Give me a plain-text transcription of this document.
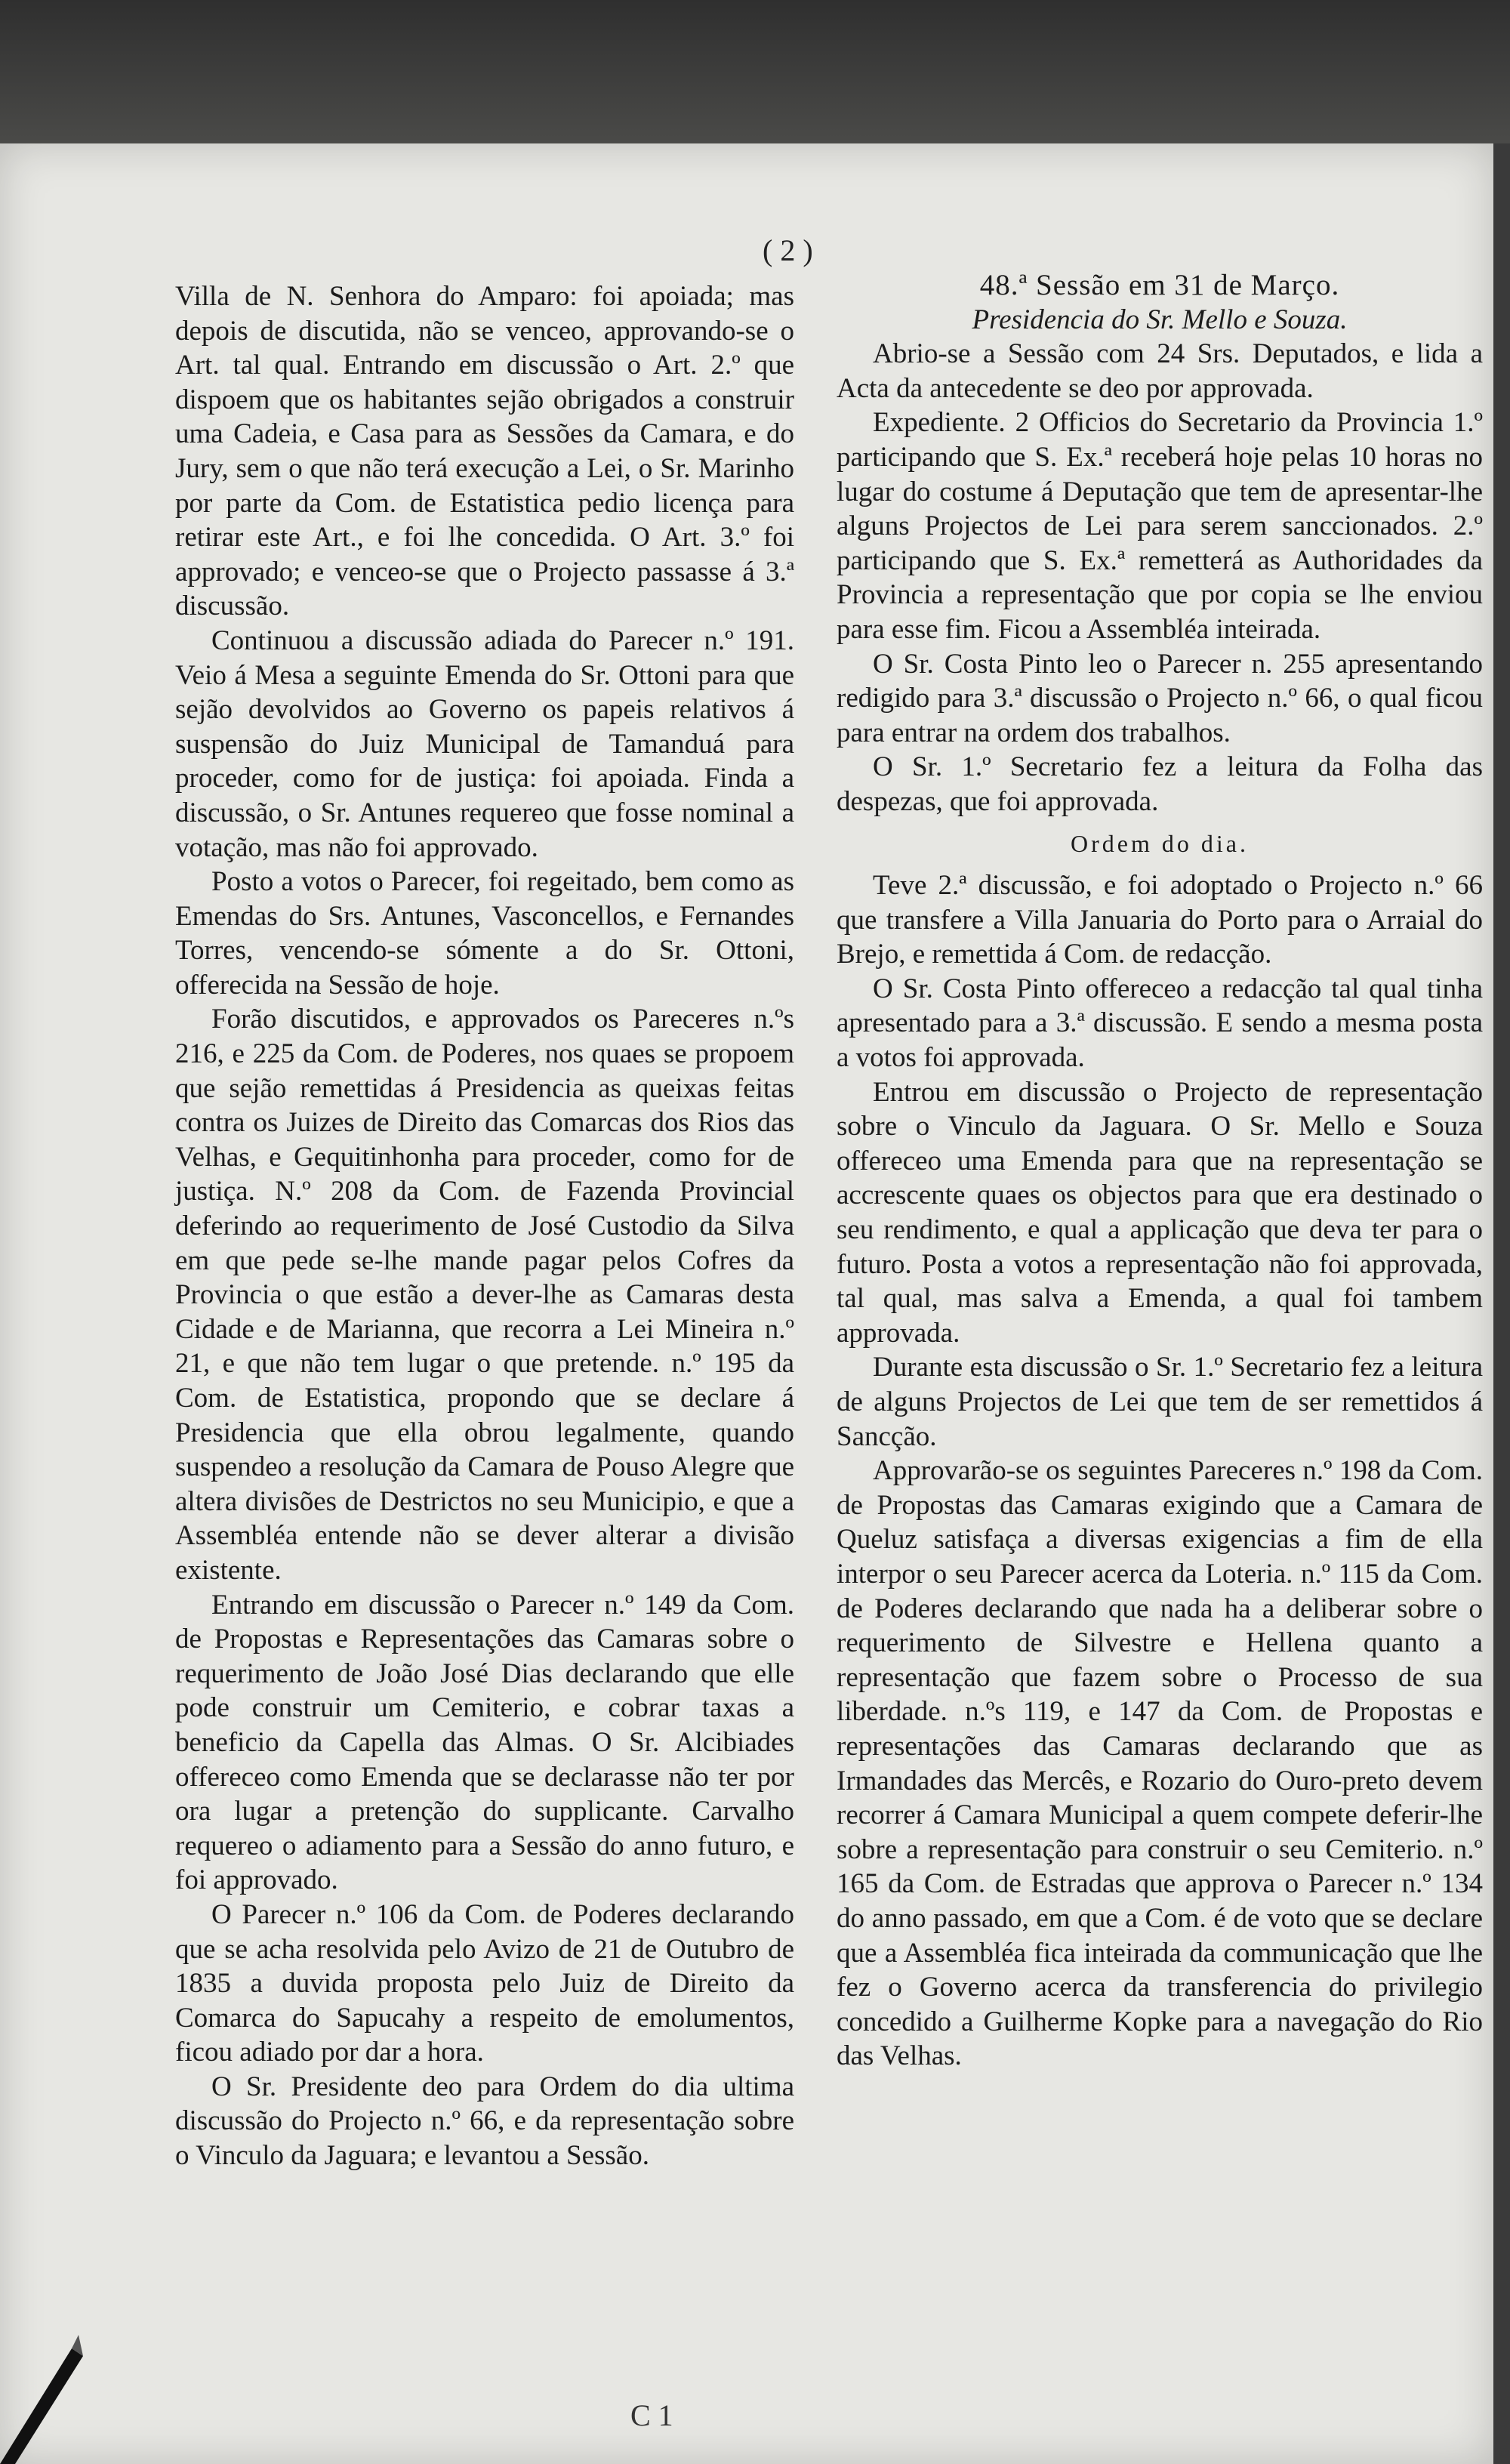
( 2 )

Villa de N. Senhora do Amparo: foi apoiada; mas depois de discutida, não se venceo, approvando-se o Art. tal qual. Entrando em discussão o Art. 2.º que dispoem que os habitantes sejão obrigados a construir uma Cadeia, e Casa para as Sessões da Camara, e do Jury, sem o que não terá execução a Lei, o Sr. Marinho por parte da Com. de Estatistica pedio licença para retirar este Art., e foi lhe concedida. O Art. 3.º foi approvado; e venceo-se que o Projecto passasse á 3.ª discussão.

Continuou a discussão adiada do Parecer n.º 191. Veio á Mesa a seguinte Emenda do Sr. Ottoni para que sejão devolvidos ao Governo os papeis relativos á suspensão do Juiz Municipal de Tamanduá para proceder, como for de justiça: foi apoiada. Finda a discussão, o Sr. Antunes requereo que fosse nominal a votação, mas não foi approvado.

Posto a votos o Parecer, foi regeitado, bem como as Emendas do Srs. Antunes, Vasconcellos, e Fernandes Torres, vencendo-se sómente a do Sr. Ottoni, offerecida na Sessão de hoje.

Forão discutidos, e approvados os Pareceres n.ºs 216, e 225 da Com. de Poderes, nos quaes se propoem que sejão remettidas á Presidencia as queixas feitas contra os Juizes de Direito das Comarcas dos Rios das Velhas, e Gequitinhonha para proceder, como for de justiça. N.º 208 da Com. de Fazenda Provincial deferindo ao requerimento de José Custodio da Silva em que pede se-lhe mande pagar pelos Cofres da Provincia o que estão a dever-lhe as Camaras desta Cidade e de Marianna, que recorra a Lei Mineira n.º 21, e que não tem lugar o que pretende. n.º 195 da Com. de Estatistica, propondo que se declare á Presidencia que ella obrou legalmente, quando suspendeo a resolução da Camara de Pouso Alegre que altera divisões de Destrictos no seu Municipio, e que a Assembléa entende não se dever alterar a divisão existente.

Entrando em discussão o Parecer n.º 149 da Com. de Propostas e Representações das Camaras sobre o requerimento de João José Dias declarando que elle pode construir um Cemiterio, e cobrar taxas a beneficio da Capella das Almas. O Sr. Alcibiades offereceo como Emenda que se declarasse não ter por ora lugar a pretenção do supplicante. Carvalho requereo o adiamento para a Sessão do anno futuro, e foi approvado.

O Parecer n.º 106 da Com. de Poderes declarando que se acha resolvida pelo Avizo de 21 de Outubro de 1835 a duvida proposta pelo Juiz de Direito da Comarca do Sapucahy a respeito de emolumentos, ficou adiado por dar a hora.

O Sr. Presidente deo para Ordem do dia ultima discussão do Projecto n.º 66, e da representação sobre o Vinculo da Jaguara; e levantou a Sessão.

48.ª Sessão em 31 de Março.

Presidencia do Sr. Mello e Souza.

Abrio-se a Sessão com 24 Srs. Deputados, e lida a Acta da antecedente se deo por approvada.

Expediente. 2 Officios do Secretario da Provincia 1.º participando que S. Ex.ª receberá hoje pelas 10 horas no lugar do costume á Deputação que tem de apresentar-lhe alguns Projectos de Lei para serem sanccionados. 2.º participando que S. Ex.ª remetterá as Authoridades da Provincia a representação que por copia se lhe enviou para esse fim. Ficou a Assembléa inteirada.

O Sr. Costa Pinto leo o Parecer n. 255 apresentando redigido para 3.ª discussão o Projecto n.º 66, o qual ficou para entrar na ordem dos trabalhos.

O Sr. 1.º Secretario fez a leitura da Folha das despezas, que foi approvada.

Ordem do dia.

Teve 2.ª discussão, e foi adoptado o Projecto n.º 66 que transfere a Villa Januaria do Porto para o Arraial do Brejo, e remettida á Com. de redacção.

O Sr. Costa Pinto offereceo a redacção tal qual tinha apresentado para a 3.ª discussão. E sendo a mesma posta a votos foi approvada.

Entrou em discussão o Projecto de representação sobre o Vinculo da Jaguara. O Sr. Mello e Souza offereceo uma Emenda para que na representação se accrescente quaes os objectos para que era destinado o seu rendimento, e qual a applicação que deva ter para o futuro. Posta a votos a representação não foi approvada, tal qual, mas salva a Emenda, a qual foi tambem approvada.

Durante esta discussão o Sr. 1.º Secretario fez a leitura de alguns Projectos de Lei que tem de ser remettidos á Sancção.

Approvarão-se os seguintes Pareceres n.º 198 da Com. de Propostas das Camaras exigindo que a Camara de Queluz satisfaça a diversas exigencias a fim de ella interpor o seu Parecer acerca da Loteria. n.º 115 da Com. de Poderes declarando que nada ha a deliberar sobre o requerimento de Silvestre e Hellena quanto a representação que fazem sobre o Processo de sua liberdade. n.ºs 119, e 147 da Com. de Propostas e representações das Camaras declarando que as Irmandades das Mercês, e Rozario do Ouro-preto devem recorrer á Camara Municipal a quem compete deferir-lhe sobre a representação para construir o seu Cemiterio. n.º 165 da Com. de Estradas que approva o Parecer n.º 134 do anno passado, em que a Com. é de voto que se declare que a Assembléa fica inteirada da communicação que lhe fez o Governo acerca da transferencia do privilegio concedido a Guilherme Kopke para a navegação do Rio das Velhas.

C 1
